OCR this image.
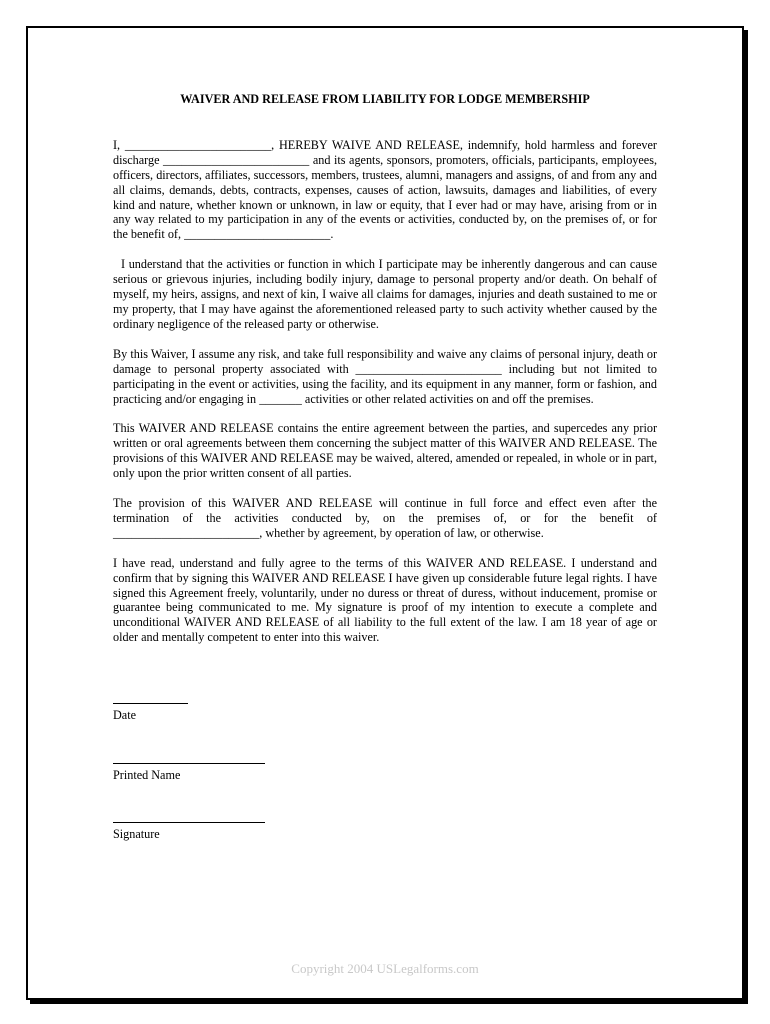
WAIVER AND RELEASE FROM LIABILITY FOR LODGE MEMBERSHIP

I, ________________________, HEREBY WAIVE AND RELEASE, indemnify, hold harmless and forever discharge ________________________ and its agents, sponsors, promoters, officials, participants, employees, officers, directors, affiliates, successors, members, trustees, alumni, managers and assigns, of and from any and all claims, demands, debts, contracts, expenses, causes of action, lawsuits, damages and liabilities, of every kind and nature, whether known or unknown, in law or equity, that I ever had or may have, arising from or in any way related to my participation in any of the events or activities, conducted by, on the premises of, or for the benefit of, ________________________.

I understand that the activities or function in which I participate may be inherently dangerous and can cause serious or grievous injuries, including bodily injury, damage to personal property and/or death. On behalf of myself, my heirs, assigns, and next of kin, I waive all claims for damages, injuries and death sustained to me or my property, that I may have against the aforementioned released party to such activity whether caused by the ordinary negligence of the released party or otherwise.

By this Waiver, I assume any risk, and take full responsibility and waive any claims of personal injury, death or damage to personal property associated with ________________________ including but not limited to participating in the event or activities, using the facility, and its equipment in any manner, form or fashion, and practicing and/or engaging in _______ activities or other related activities on and off the premises.

This WAIVER AND RELEASE contains the entire agreement between the parties, and supercedes any prior written or oral agreements between them concerning the subject matter of this WAIVER AND RELEASE. The provisions of this WAIVER AND RELEASE may be waived, altered, amended or repealed, in whole or in part, only upon the prior written consent of all parties.

The provision of this WAIVER AND RELEASE will continue in full force and effect even after the termination of the activities conducted by, on the premises of, or for the benefit of ________________________, whether by agreement, by operation of law, or otherwise.

I have read, understand and fully agree to the terms of this WAIVER AND RELEASE. I understand and confirm that by signing this WAIVER AND RELEASE I have given up considerable future legal rights. I have signed this Agreement freely, voluntarily, under no duress or threat of duress, without inducement, promise or guarantee being communicated to me. My signature is proof of my intention to execute a complete and unconditional WAIVER AND RELEASE of all liability to the full extent of the law. I am 18 year of age or older and mentally competent to enter into this waiver.

Date
Printed Name
Signature
Copyright 2004 USLegalforms.com
